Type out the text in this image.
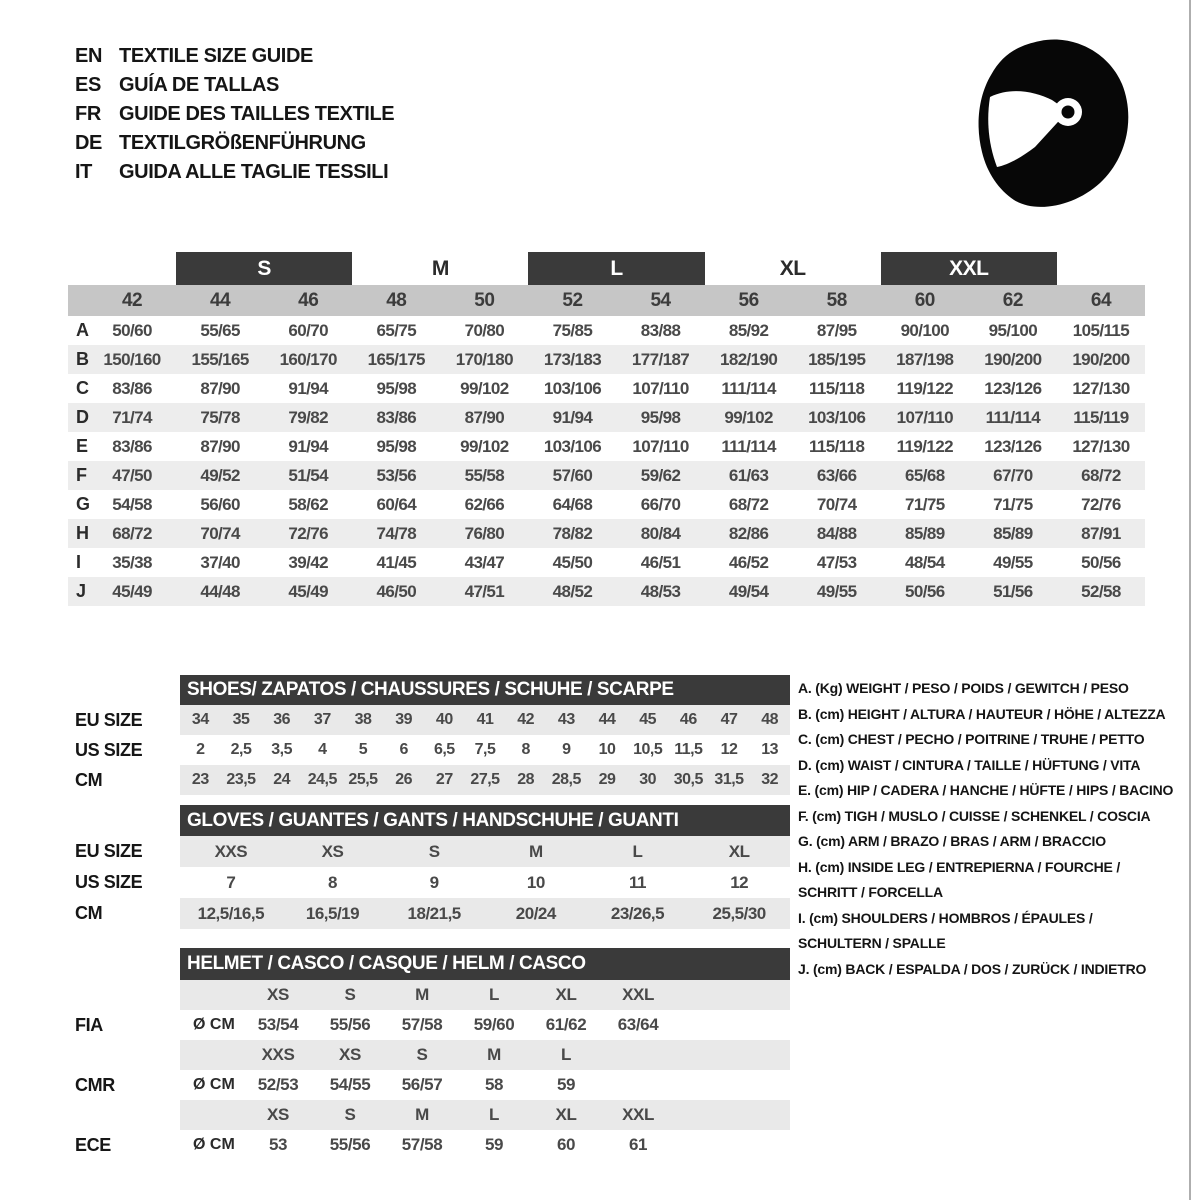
EN TEXTILE SIZE GUIDE
ES GUÍA DE TALLAS
FR GUIDE DES TAILLES TEXTILE
DE TEXTILGRÖßENFÜHRUNG
IT	GUIDA ALLE TAGLIE TESSILI
S	M	L	XL	XXL
42	44	46	48	50	52	54	56	58	60	62	64
A	50/60	55/65	60/70	65/75	70/80	75/85	83/88	85/92	87/95	90/100	95/100	105/115
B 150/160	155/165	160/170	165/175	170/180	173/183	177/187	182/190	185/195	187/198	190/200	190/200
C	83/86	87/90	91/94	95/98	99/102	103/106	107/110	111/114	115/118	119/122	123/126	127/130
D	71/74	75/78	79/82	83/86	87/90	91/94	95/98	99/102	103/106	107/110	111/114	115/119
E	83/86	87/90	91/94	95/98	99/102	103/106	107/110	111/114	115/118	119/122	123/126	127/130
F	47/50	49/52	51/54	53/56	55/58	57/60	59/62	61/63	63/66	65/68	67/70	68/72
G	54/58	56/60	58/62	60/64	62/66	64/68	66/70	68/72	70/74	71/75	71/75	72/76
H	68/72	70/74	72/76	74/78	76/80	78/82	80/84	82/86	84/88	85/89	85/89	87/91
I	35/38	37/40	39/42	41/45	43/47	45/50	46/51	46/52	47/53	48/54	49/55	50/56
J	45/49	44/48	45/49	46/50	47/51	48/52	48/53	49/54	49/55	50/56	51/56	52/58
SHOES/ ZAPATOS / CHAUSSURES / SCHUHE / SCARPE
EU SIZE	34	35	36	37	38	39	40	41	42	43	44	45	46	47	48
US SIZE	2	2,5	3,5	4	5	6	6,5	7,5	8	9	10	10,5 11,5	12	13
CM	23	23,5	24	24,5 25,5	26	27	27,5	28	28,5	29	30	30,5 31,5	32
GLOVES / GUANTES / GANTS / HANDSCHUHE / GUANTI
EU SIZE	XXS	XS	S	M	L	XL
US SIZE	7	8	9	10	11	12
CM	12,5/16,5	16,5/19	18/21,5	20/24	23/26,5	25,5/30
HELMET / CASCO / CASQUE / HELM / CASCO
XS	S	M	L	XL	XXL
FIA	Ø CM	53/54	55/56	57/58	59/60	61/62	63/64
XXS	XS	S	M	L
CMR	Ø CM	52/53	54/55	56/57	58	59
XS	S	M	L	XL	XXL
ECE	Ø CM	53	55/56	57/58	59	60	61
A. (Kg) WEIGHT / PESO / POIDS / GEWITCH / PESO
B. (cm) HEIGHT / ALTURA / HAUTEUR / HÖHE / ALTEZZA
C. (cm) CHEST / PECHO / POITRINE / TRUHE / PETTO
D. (cm) WAIST / CINTURA / TAILLE / HÜFTUNG / VITA
E. (cm) HIP / CADERA / HANCHE / HÜFTE / HIPS / BACINO
F. (cm) TIGH / MUSLO / CUISSE / SCHENKEL / COSCIA
G. (cm) ARM / BRAZO / BRAS / ARM / BRACCIO
H. (cm) INSIDE LEG / ENTREPIERNA / FOURCHE /
SCHRITT / FORCELLA
I. (cm) SHOULDERS / HOMBROS / ÉPAULES /
SCHULTERN / SPALLE
J. (cm) BACK / ESPALDA / DOS / ZURÜCK / INDIETRO
